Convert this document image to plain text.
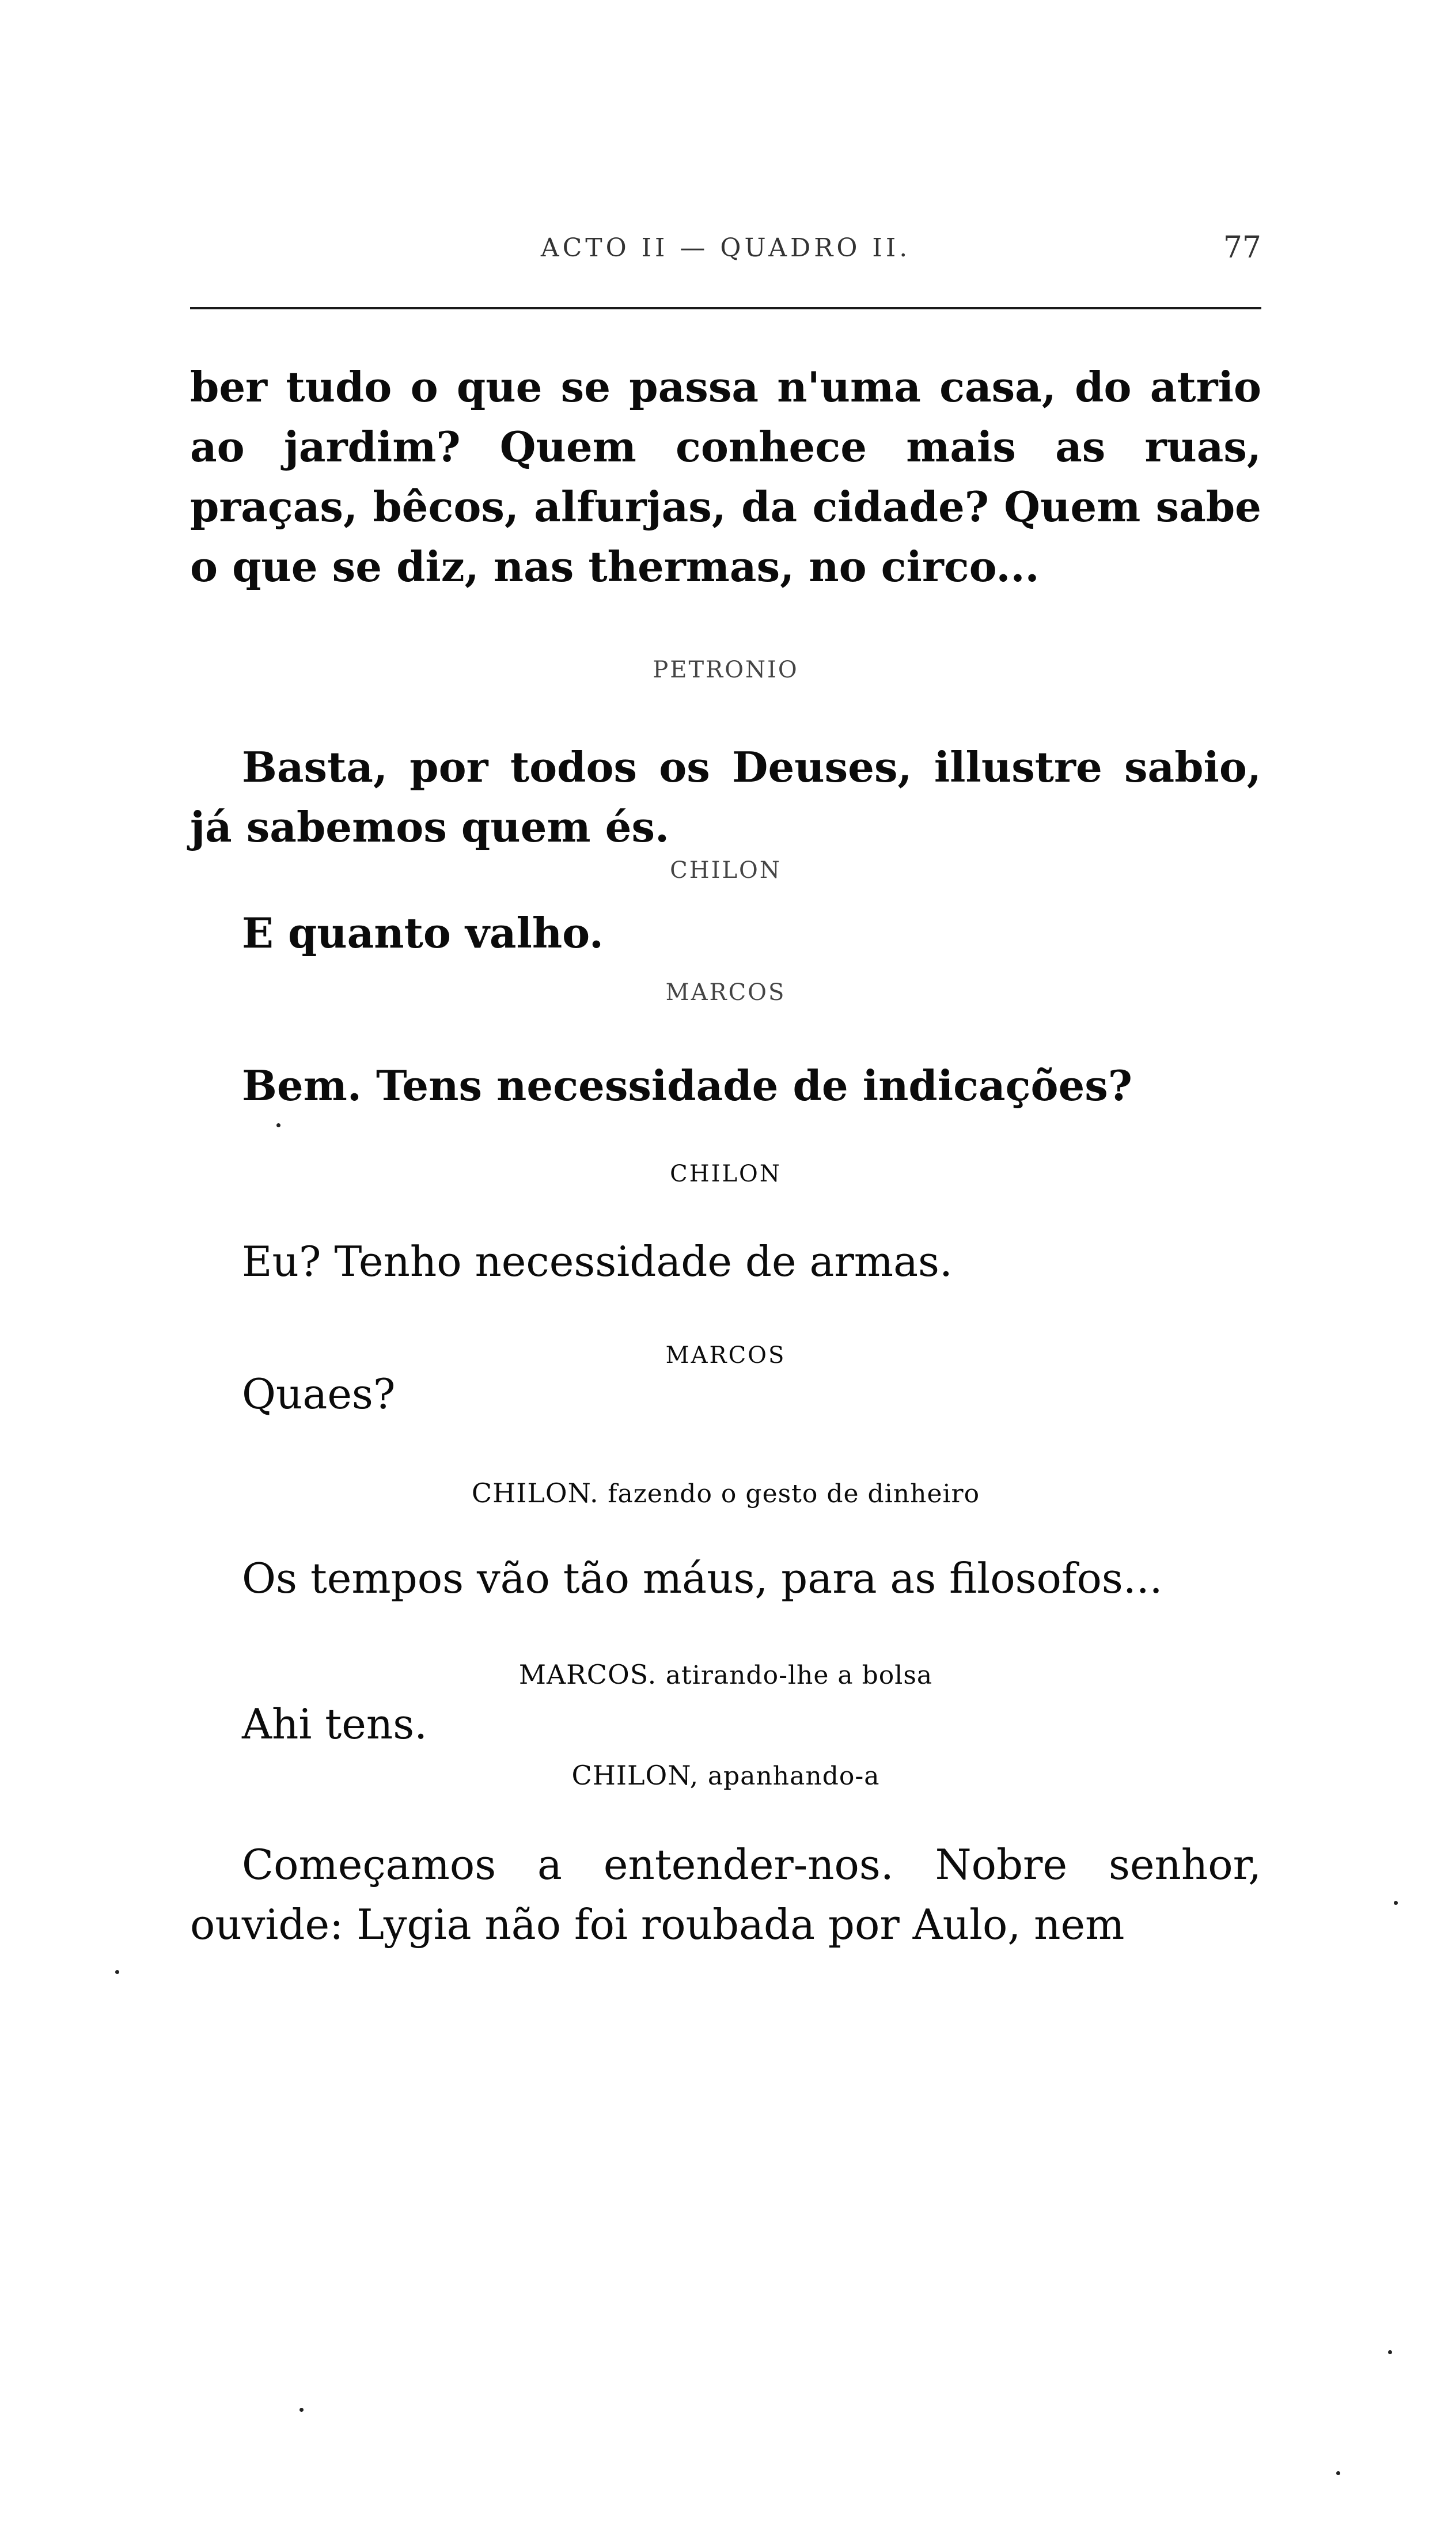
ACTO II — QUADRO II.	77
ber tudo o que se passa n'uma casa, do atrio ao jardim? Quem conhece mais as ruas, praças, bêcos, alfurjas, da cidade? Quem sabe o que se diz, nas thermas, no circo...
PETRONIO
Basta, por todos os Deuses, illustre sabio, já sabemos quem és.
CHILON
E quanto valho.
MARCOS
Bem. Tens necessidade de indicações?
CHILON
Eu? Tenho necessidade de armas.
MARCOS
Quaes?
CHILON. fazendo o gesto de dinheiro
Os tempos vão tão máus, para as filosofos...
MARCOS. atirando-lhe a bolsa
Ahi tens.
CHILON, apanhando-a
Começamos a entender-nos. Nobre senhor, ouvide: Lygia não foi roubada por Aulo, nem
